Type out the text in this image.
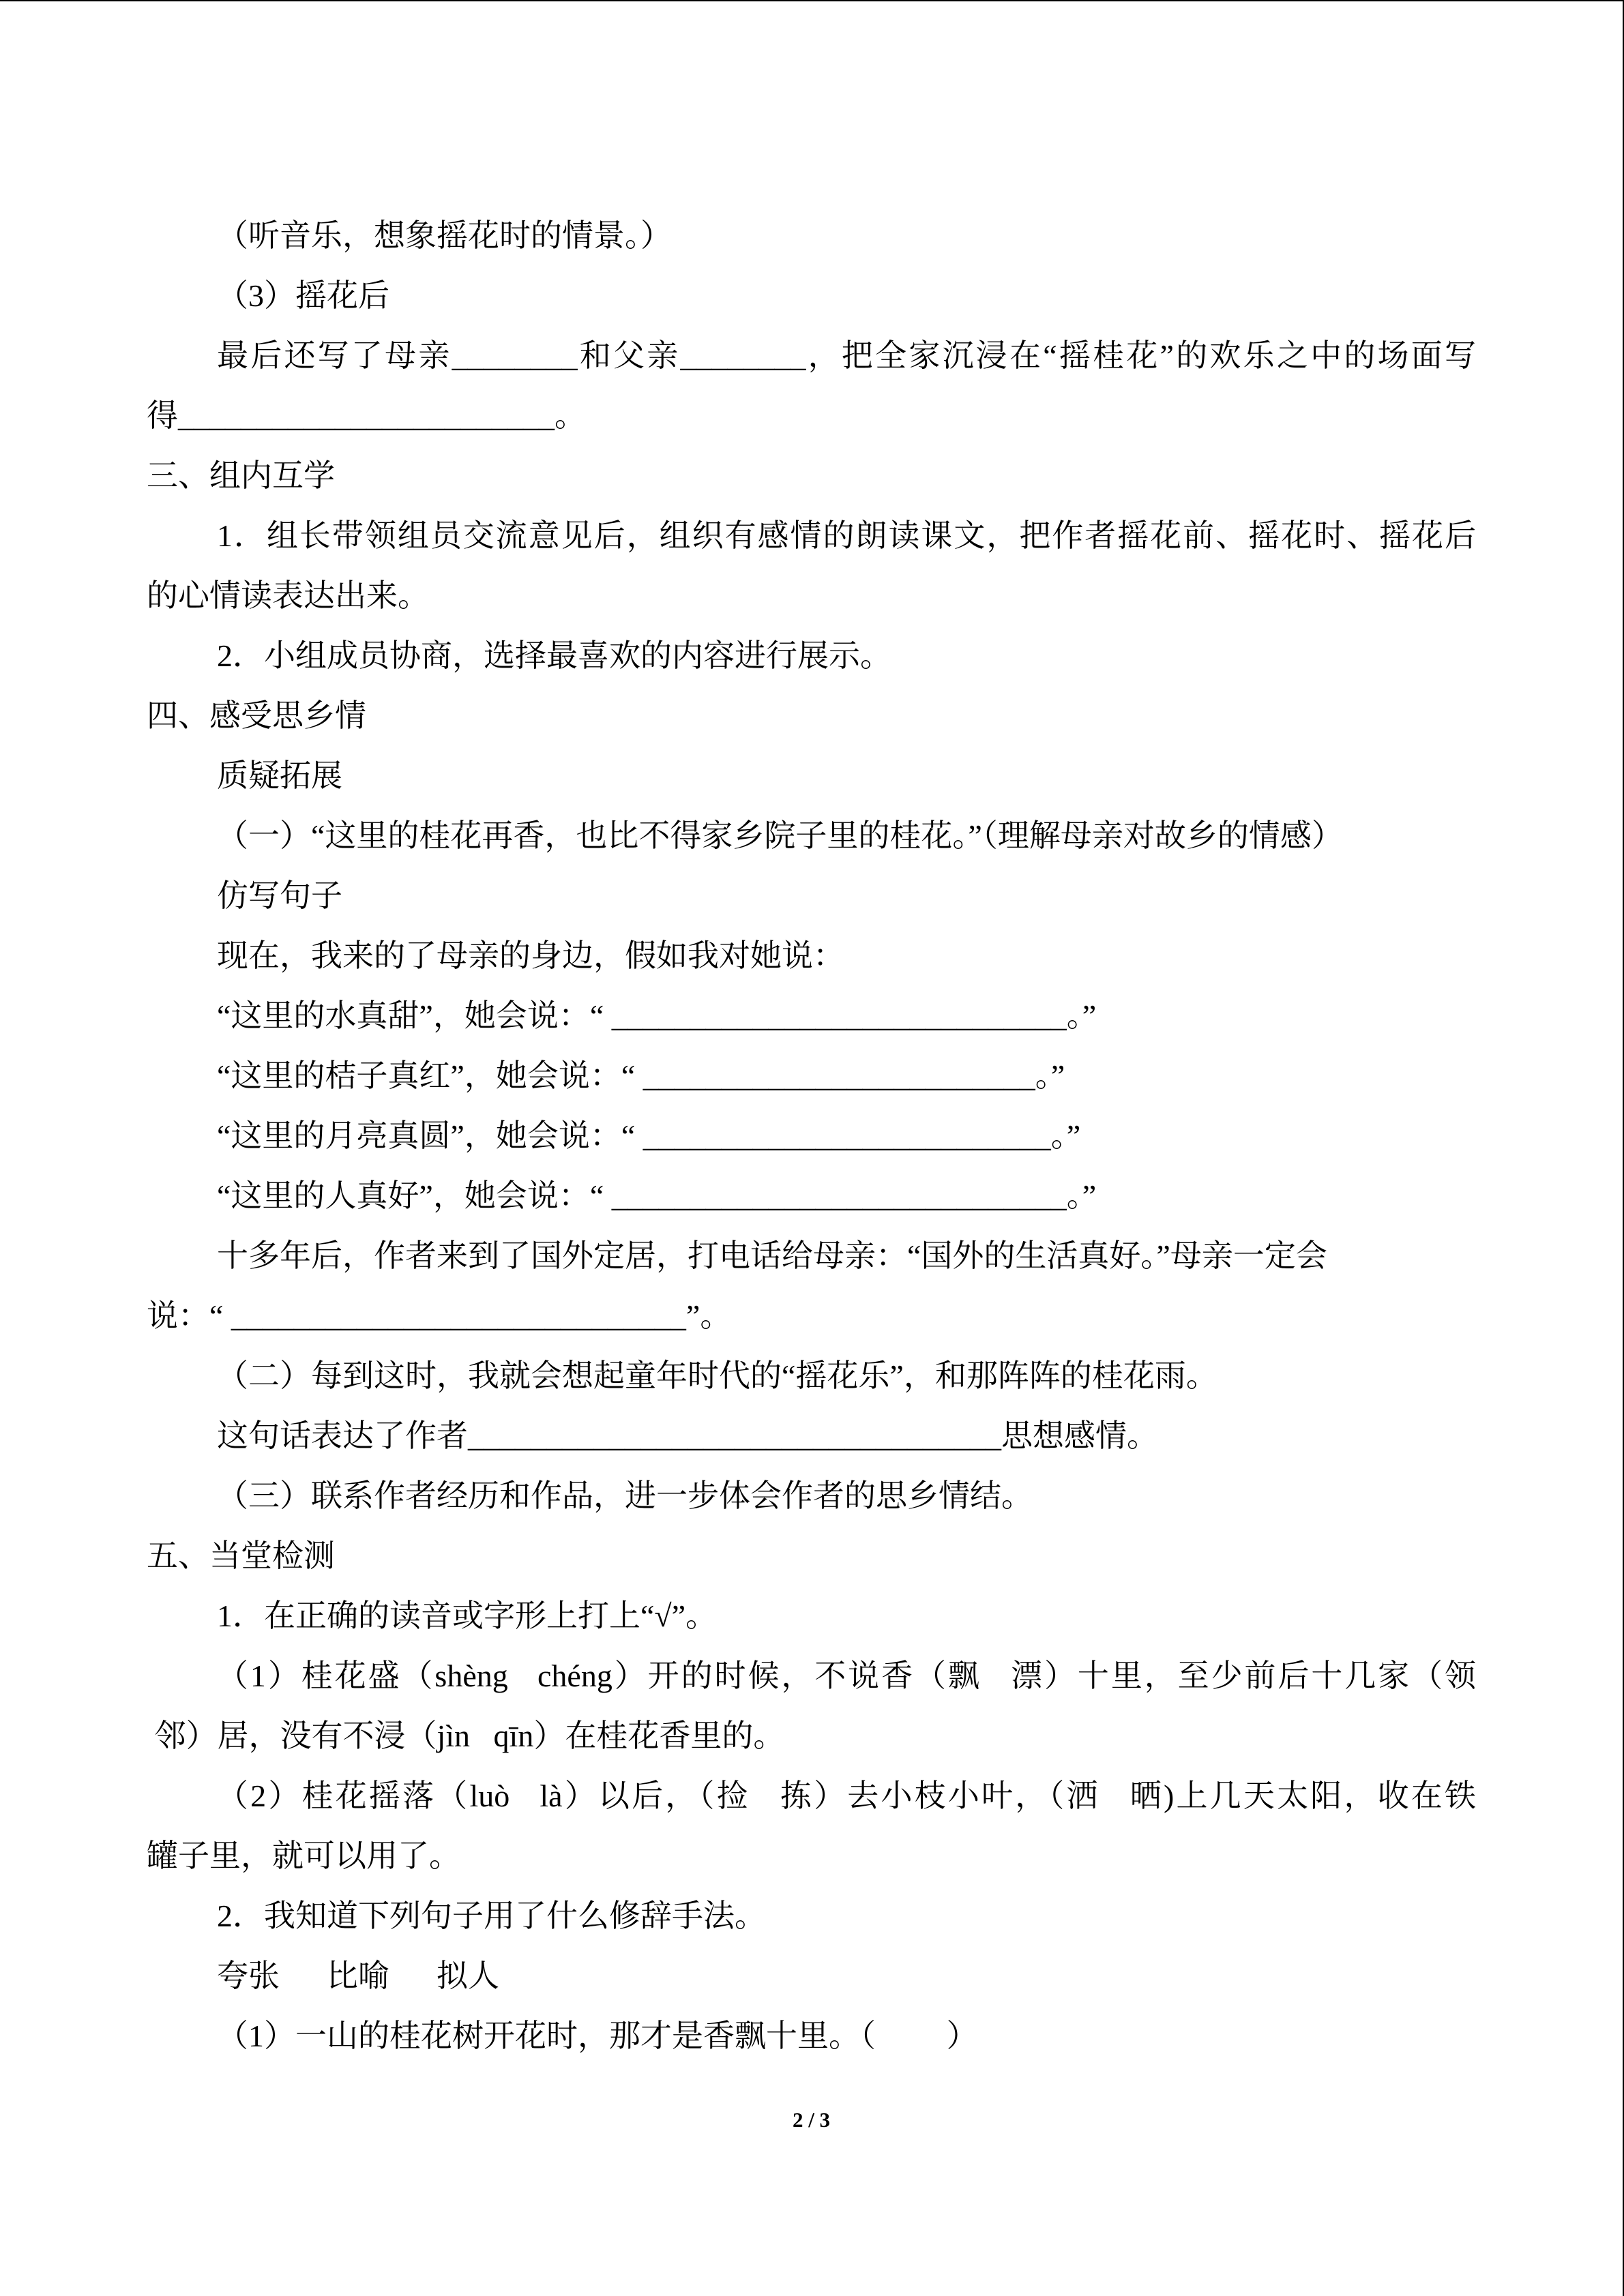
（听音乐，想象摇花时的情景。）

（3）摇花后

最后还写了母亲________和父亲________，把全家沉浸在“摇桂花”的欢乐之中的场面写

得________________________。

三、组内互学

1．组长带领组员交流意见后，组织有感情的朗读课文，把作者摇花前、摇花时、摇花后

的心情读表达出来。

2．小组成员协商，选择最喜欢的内容进行展示。

四、感受思乡情

质疑拓展

（一）“这里的桂花再香，也比不得家乡院子里的桂花。”（理解母亲对故乡的情感）

仿写句子

现在，我来的了母亲的身边，假如我对她说：

“这里的水真甜”，她会说：“ _____________________________。”

“这里的桔子真红”，她会说：“ _________________________。”

“这里的月亮真圆”，她会说：“ __________________________。”

“这里的人真好”，她会说：“ _____________________________。”

十多年后，作者来到了国外定居，打电话给母亲：“国外的生活真好。”母亲一定会

说：“ _____________________________”。

（二）每到这时，我就会想起童年时代的“摇花乐”，和那阵阵的桂花雨。

这句话表达了作者__________________________________思想感情。

（三）联系作者经历和作品，进一步体会作者的思乡情结。

五、当堂检测

1．在正确的读音或字形上打上“√”。

（1）桂花盛（shèng   chéng）开的时候，不说香（飘   漂）十里，至少前后十几家（领

邻）居，没有不浸（jìn   qīn）在桂花香里的。

（2）桂花摇落（luò   là）以后，（捡   拣）去小枝小叶，（洒   晒)上几天太阳，收在铁

罐子里，就可以用了。

2．我知道下列句子用了什么修辞手法。

夸张      比喻      拟人

（1）一山的桂花树开花时，那才是香飘十里。（         ）

2 / 3
